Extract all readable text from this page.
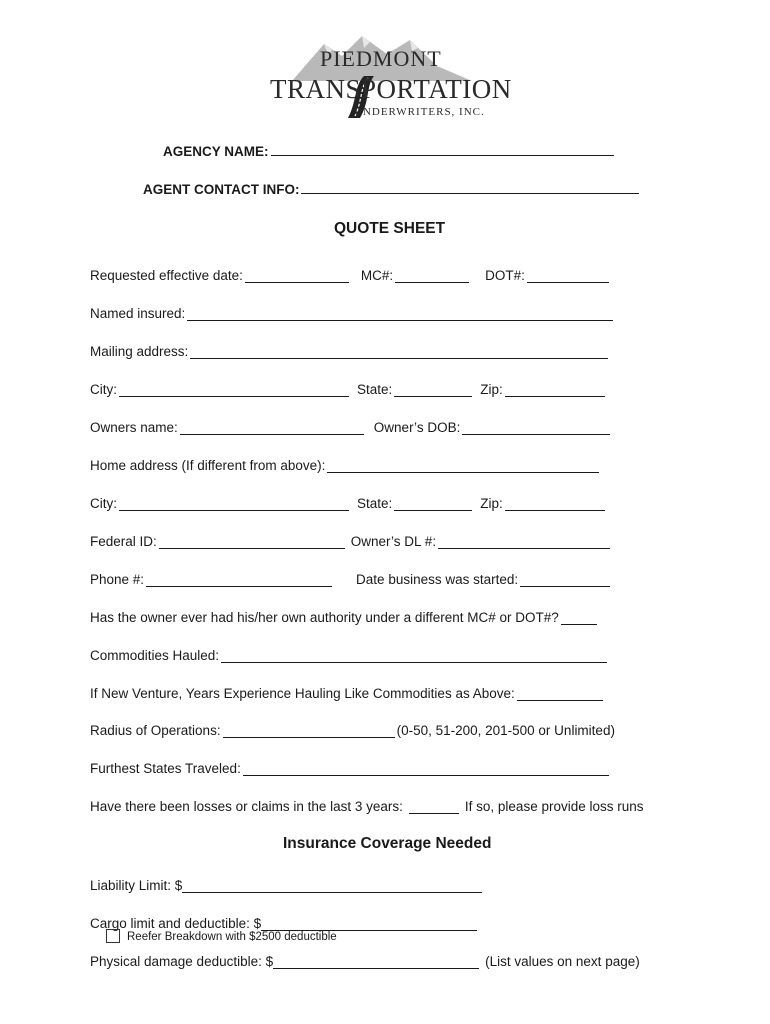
PIEDMONT
TRANSPORTATION
UNDERWRITERS, INC.
AGENCY NAME:
AGENT CONTACT INFO:
QUOTE SHEET
Requested effective date:	MC#:	DOT#:
Named insured:
Mailing address:
City:	State:	Zip:
Owners name:	Owner’s DOB:
Home address (If different from above):
City:	State:	Zip:
Federal ID:	Owner’s DL #:
Phone #:	Date business was started:
Has the owner ever had his/her own authority under a different MC# or DOT#?
Commodities Hauled:
If New Venture, Years Experience Hauling Like Commodities as Above:
Radius of Operations:	(0-50, 51-200, 201-500 or Unlimited)
Furthest States Traveled:
Have there been losses or claims in the last 3 years:	If so, please provide loss runs
Insurance Coverage Needed
Liability Limit: $
Cargo limit and deductible: $
Reefer Breakdown with $2500 deductible
Physical damage deductible: $	(List values on next page)
